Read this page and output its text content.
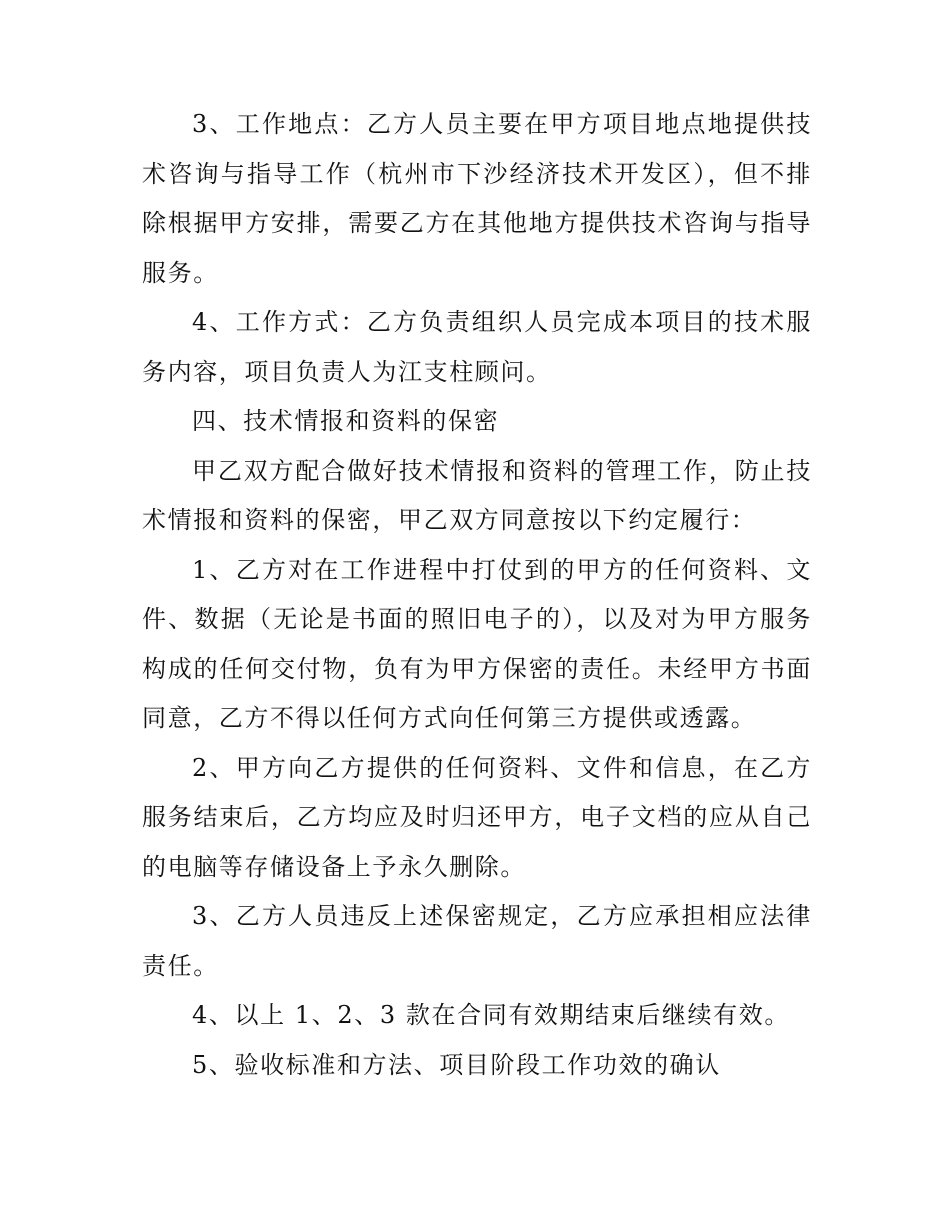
3、工作地点：乙方人员主要在甲方项目地点地提供技术咨询与指导工作（杭州市下沙经济技术开发区），但不排除根据甲方安排，需要乙方在其他地方提供技术咨询与指导服务。

4、工作方式：乙方负责组织人员完成本项目的技术服务内容，项目负责人为江支柱顾问。

四、技术情报和资料的保密

甲乙双方配合做好技术情报和资料的管理工作，防止技术情报和资料的保密，甲乙双方同意按以下约定履行：

1、乙方对在工作进程中打仗到的甲方的任何资料、文件、数据（无论是书面的照旧电子的），以及对为甲方服务构成的任何交付物，负有为甲方保密的责任。未经甲方书面同意，乙方不得以任何方式向任何第三方提供或透露。

2、甲方向乙方提供的任何资料、文件和信息，在乙方服务结束后，乙方均应及时归还甲方，电子文档的应从自己的电脑等存储设备上予永久删除。

3、乙方人员违反上述保密规定，乙方应承担相应法律责任。

4、以上 1、2、3 款在合同有效期结束后继续有效。

5、验收标准和方法、项目阶段工作功效的确认
